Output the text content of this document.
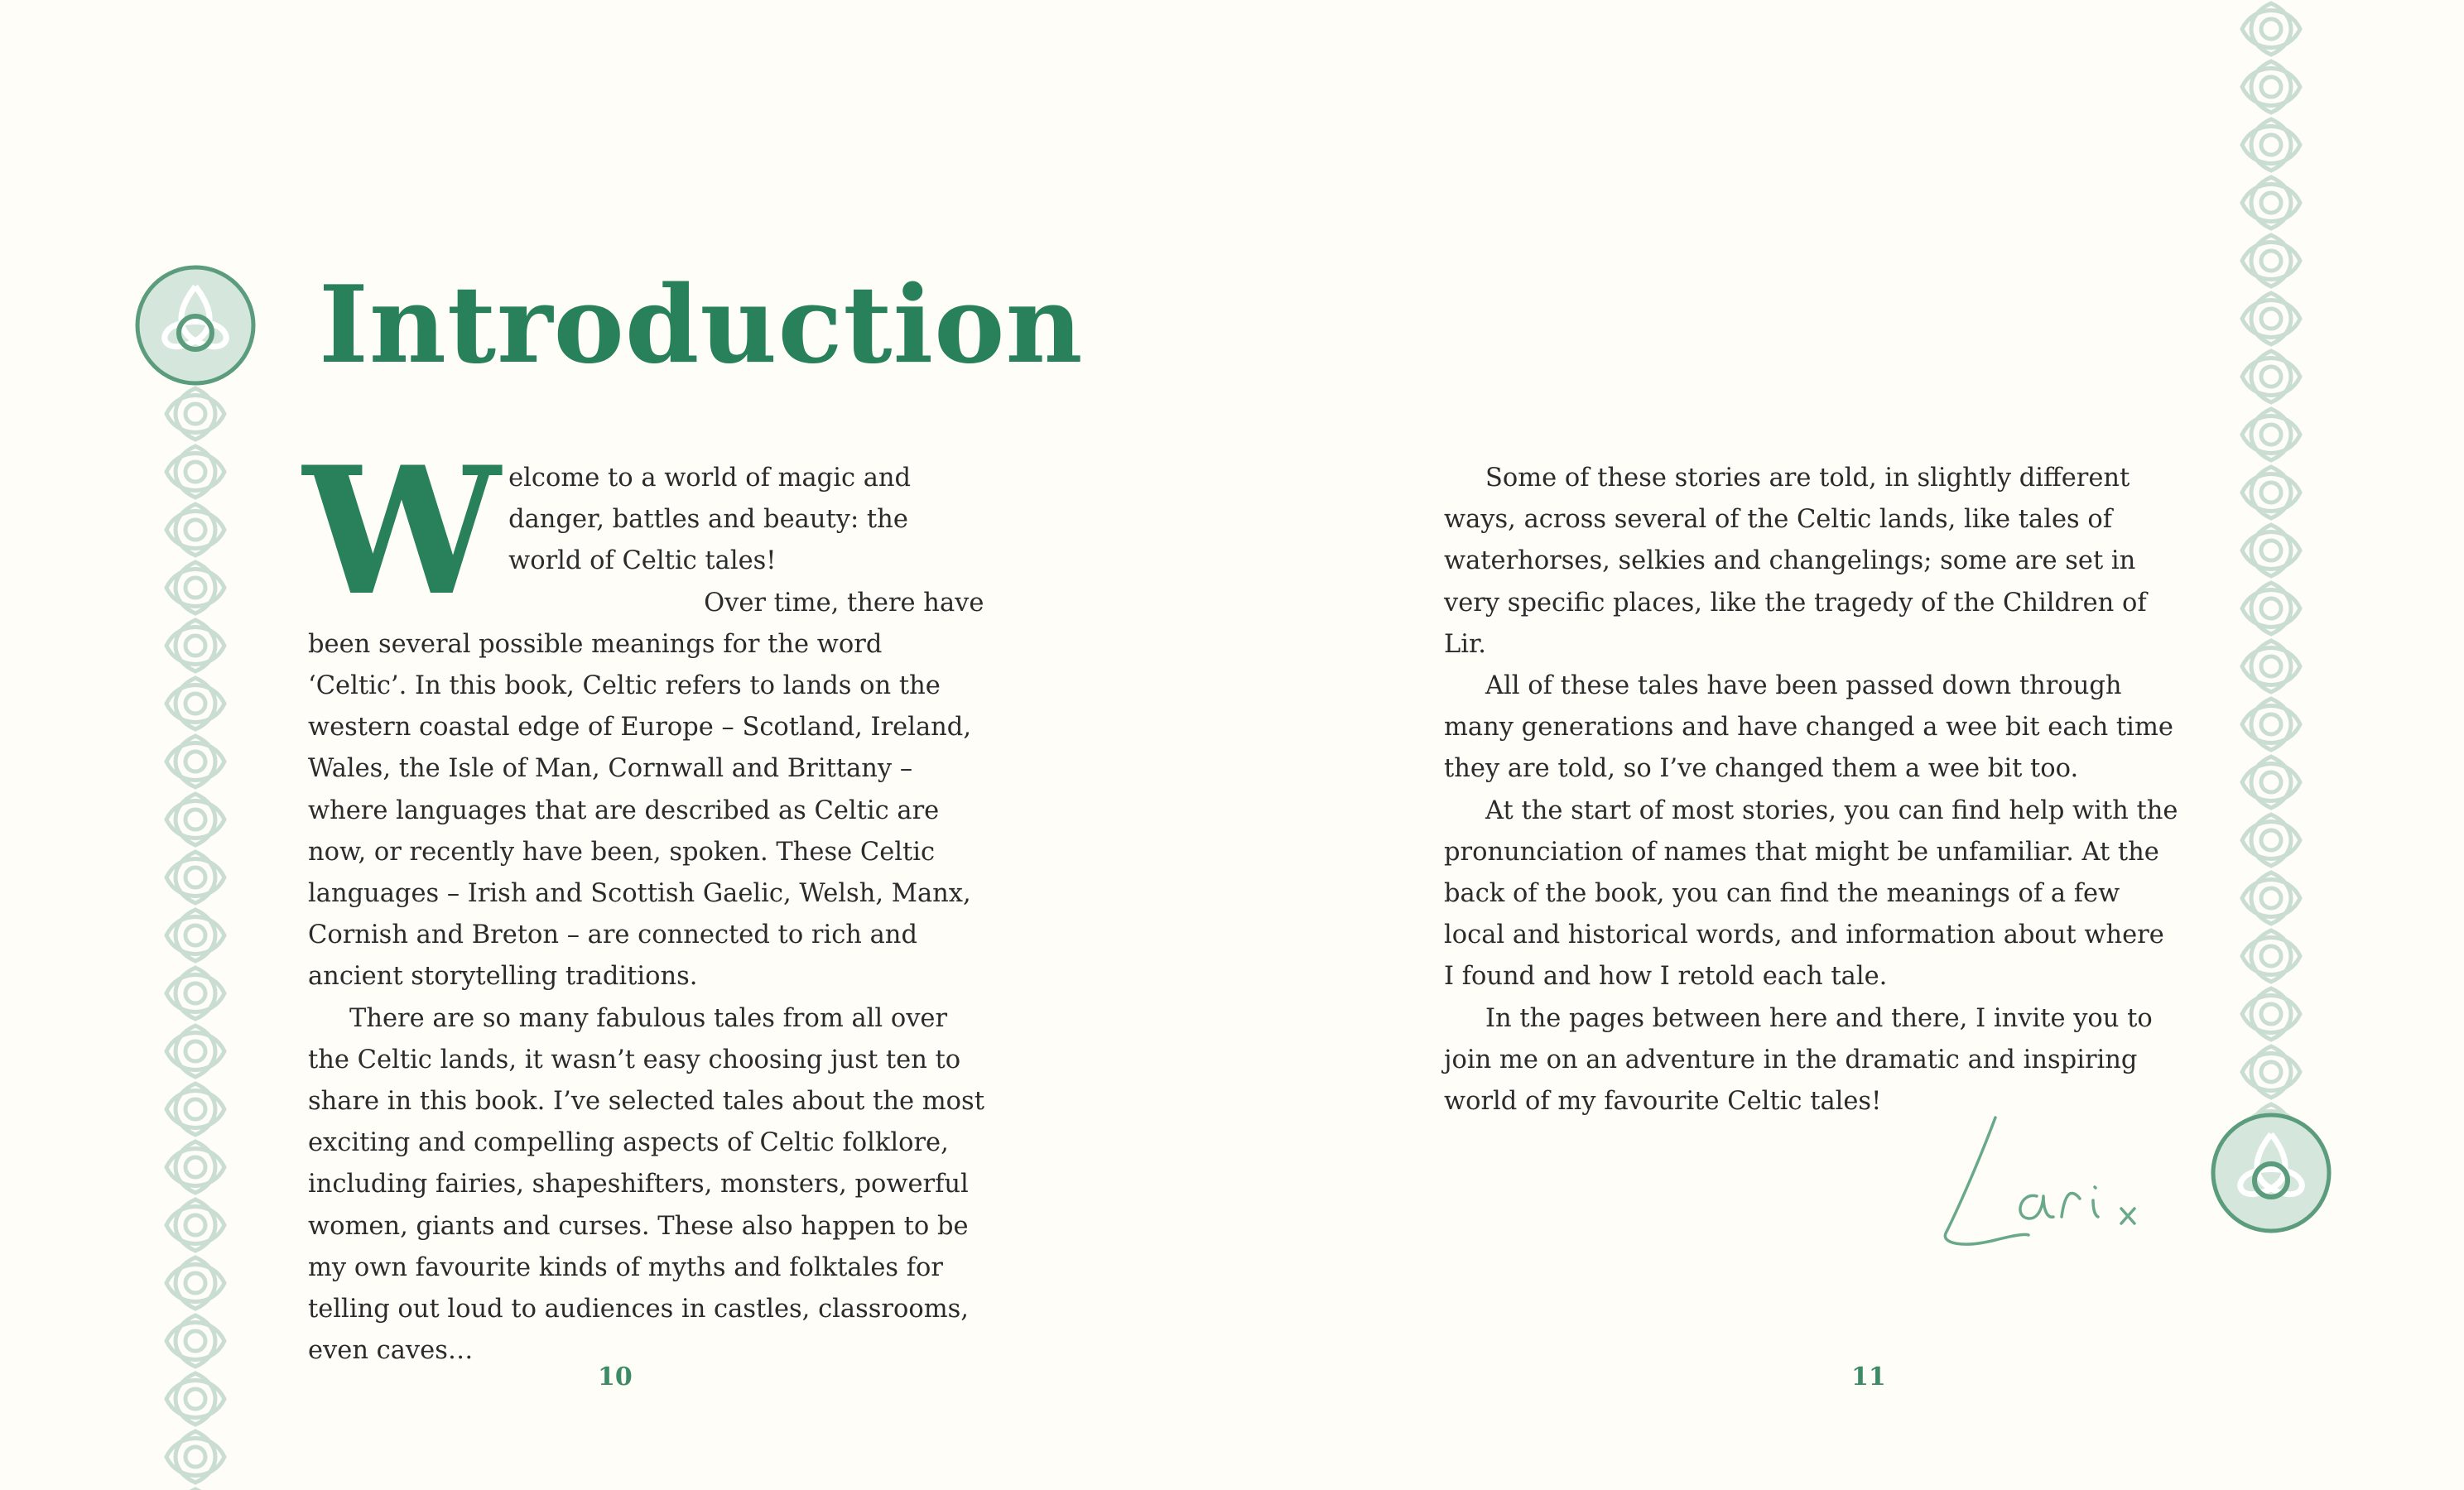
Introduction

Welcome to a world of magic and danger, battles and beauty: the world of Celtic tales!

Over time, there have been several possible meanings for the word ‘Celtic’. In this book, Celtic refers to lands on the western coastal edge of Europe – Scotland, Ireland, Wales, the Isle of Man, Cornwall and Brittany – where languages that are described as Celtic are now, or recently have been, spoken. These Celtic languages – Irish and Scottish Gaelic, Welsh, Manx, Cornish and Breton – are connected to rich and ancient storytelling traditions.

There are so many fabulous tales from all over the Celtic lands, it wasn’t easy choosing just ten to share in this book. I’ve selected tales about the most exciting and compelling aspects of Celtic folklore, including fairies, shapeshifters, monsters, powerful women, giants and curses. These also happen to be my own favourite kinds of myths and folktales for telling out loud to audiences in castles, classrooms, even caves…

10

Some of these stories are told, in slightly different ways, across several of the Celtic lands, like tales of waterhorses, selkies and changelings; some are set in very specific places, like the tragedy of the Children of Lir.

All of these tales have been passed down through many generations and have changed a wee bit each time they are told, so I’ve changed them a wee bit too.

At the start of most stories, you can find help with the pronunciation of names that might be unfamiliar. At the back of the book, you can find the meanings of a few local and historical words, and information about where I found and how I retold each tale.

In the pages between here and there, I invite you to join me on an adventure in the dramatic and inspiring world of my favourite Celtic tales!

11
